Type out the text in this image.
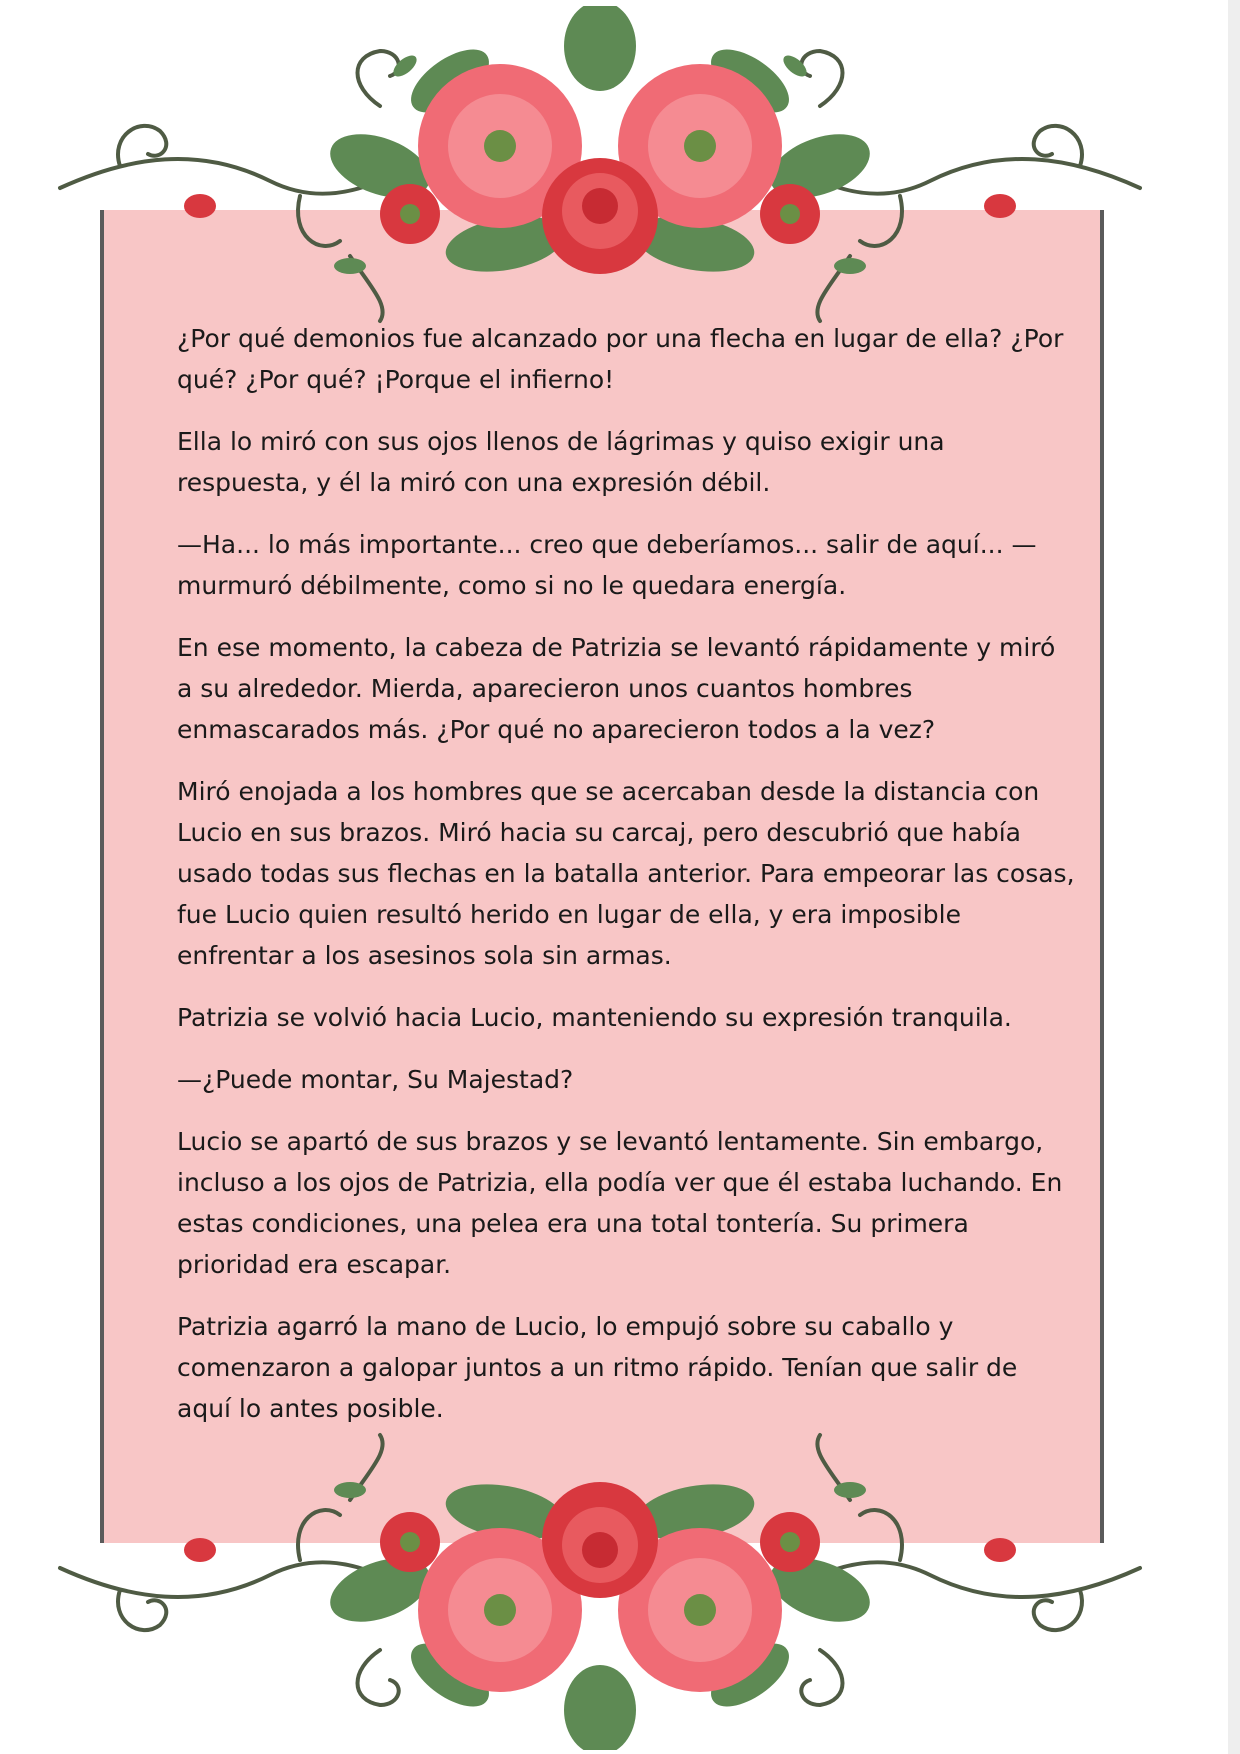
¿Por qué demonios fue alcanzado por una flecha en lugar de ella? ¿Por qué? ¿Por qué? ¡Porque el infierno!

Ella lo miró con sus ojos llenos de lágrimas y quiso exigir una respuesta, y él la miró con una expresión débil.

—Ha... lo más importante... creo que deberíamos... salir de aquí... —murmuró débilmente, como si no le quedara energía.

En ese momento, la cabeza de Patrizia se levantó rápidamente y miró a su alrededor. Mierda, aparecieron unos cuantos hombres enmascarados más. ¿Por qué no aparecieron todos a la vez?

Miró enojada a los hombres que se acercaban desde la distancia con Lucio en sus brazos. Miró hacia su carcaj, pero descubrió que había usado todas sus flechas en la batalla anterior. Para empeorar las cosas, fue Lucio quien resultó herido en lugar de ella, y era imposible enfrentar a los asesinos sola sin armas.

Patrizia se volvió hacia Lucio, manteniendo su expresión tranquila.

—¿Puede montar, Su Majestad?

Lucio se apartó de sus brazos y se levantó lentamente. Sin embargo, incluso a los ojos de Patrizia, ella podía ver que él estaba luchando. En estas condiciones, una pelea era una total tontería. Su primera prioridad era escapar.

Patrizia agarró la mano de Lucio, lo empujó sobre su caballo y comenzaron a galopar juntos a un ritmo rápido. Tenían que salir de aquí lo antes posible.
